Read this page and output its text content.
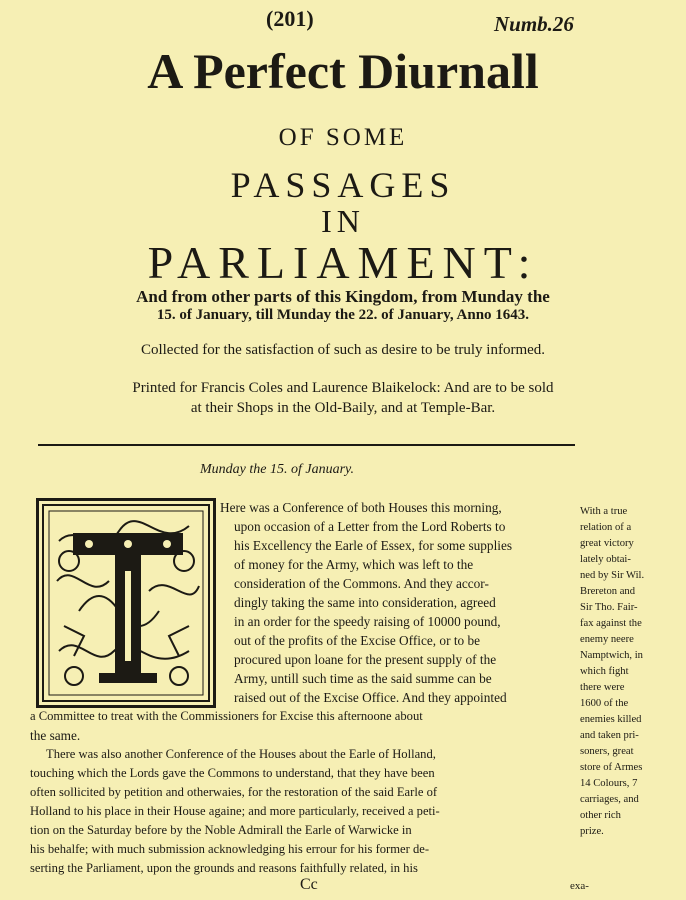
(201)	Numb.26
A Perfect Diurnall
OF SOME
PASSAGES
IN
PARLIAMENT:
And from other parts of this Kingdom, from Munday the
15. of January, till Munday the 22. of January, Anno 1643.
Collected for the satisfaction of such as desire to be truly informed.
Printed for Francis Coles and Laurence Blaikelock: And are to be sold
at their Shops in the Old-Baily, and at Temple-Bar.
Munday the 15. of January.
Here was a Conference of both Houses this morning,
upon occasion of a Letter from the Lord Roberts to
his Excellency the Earle of Essex, for some supplies
of money for the Army, which was left to the
consideration of the Commons. And they accor-
dingly taking the same into consideration, agreed
in an order for the speedy raising of 10000 pound,
out of the profits of the Excise Office, or to be
procured upon loane for the present supply of the
Army, untill such time as the said summe can be
raised out of the Excise Office. And they appointed
a Committee to treat with the Commissioners for Excise this afternoone about
the same.
There was also another Conference of the Houses about the Earle of Holland,
touching which the Lords gave the Commons to understand, that they have been
often sollicited by petition and otherwaies, for the restoration of the said Earle of
Holland to his place in their House againe; and more particularly, received a peti-
tion on the Saturday before by the Noble Admirall the Earle of Warwicke in
his behalfe; with much submission acknowledging his errour for his former de-
serting the Parliament, upon the grounds and reasons faithfully related, in his
With a true
relation of a
great victory
lately obtai-
ned by Sir Wil.
Brereton and
Sir Tho. Fair-
fax against the
enemy neere
Namptwich, in
which fight
there were
1600 of the
enemies killed
and taken pri-
soners, great
store of Armes
14 Colours, 7
carriages, and
other rich
prize.
Cc	exa-
